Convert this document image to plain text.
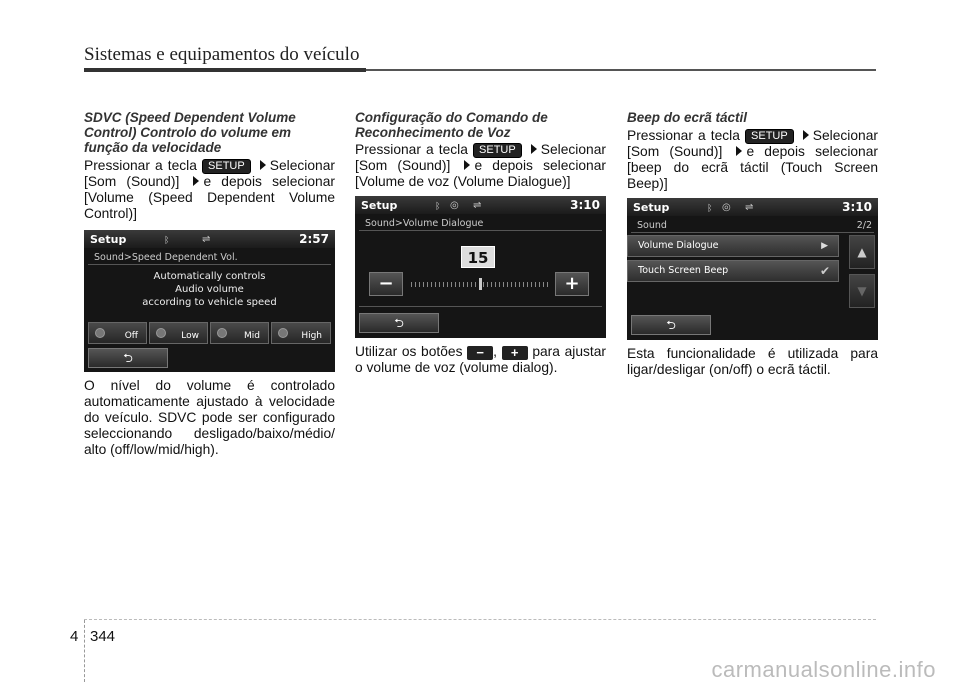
Sistemas e equipamentos do veículo
SDVC (Speed Dependent Volume Control) Controlo do volume em função da velocidade
Pressionar a tecla SETUP Selecionar [Som (Sound)] e depois selecionar [Volume (Speed Dependent Volume Control)]
Setup	ᛒ	⇌	2:57
Sound>Speed Dependent Vol.
Automatically controls
Audio volume
according to vehicle speed
Off	Low	Mid	High
⮌
O nível do volume é controlado automaticamente ajustado à velocidade do veículo. SDVC pode ser configurado seleccionando desligado/baixo/médio/ alto (off/low/mid/high).
Configuração do Comando de Reconhecimento de Voz
Pressionar a tecla SETUP Selecionar [Som (Sound)] e depois selecionar [Volume de voz (Volume Dialogue)]
Setup	ᛒ ◎ ⇌	3:10
Sound>Volume Dialogue
15
−	+
⮌
Utilizar os botões − , + para ajustar o volume de voz (volume dialog).
Beep do ecrã táctil
Pressionar a tecla SETUP Selecionar [Som (Sound)] e depois selecionar [beep do ecrã táctil (Touch Screen Beep)]
Setup	ᛒ ◎ ⇌	3:10
Sound	2/2
Volume Dialogue	▶
Touch Screen Beep	✔
▲
▼
⮌
Esta funcionalidade é utilizada para ligar/desligar (on/off) o ecrã táctil.
4 344
carmanualsonline.info
